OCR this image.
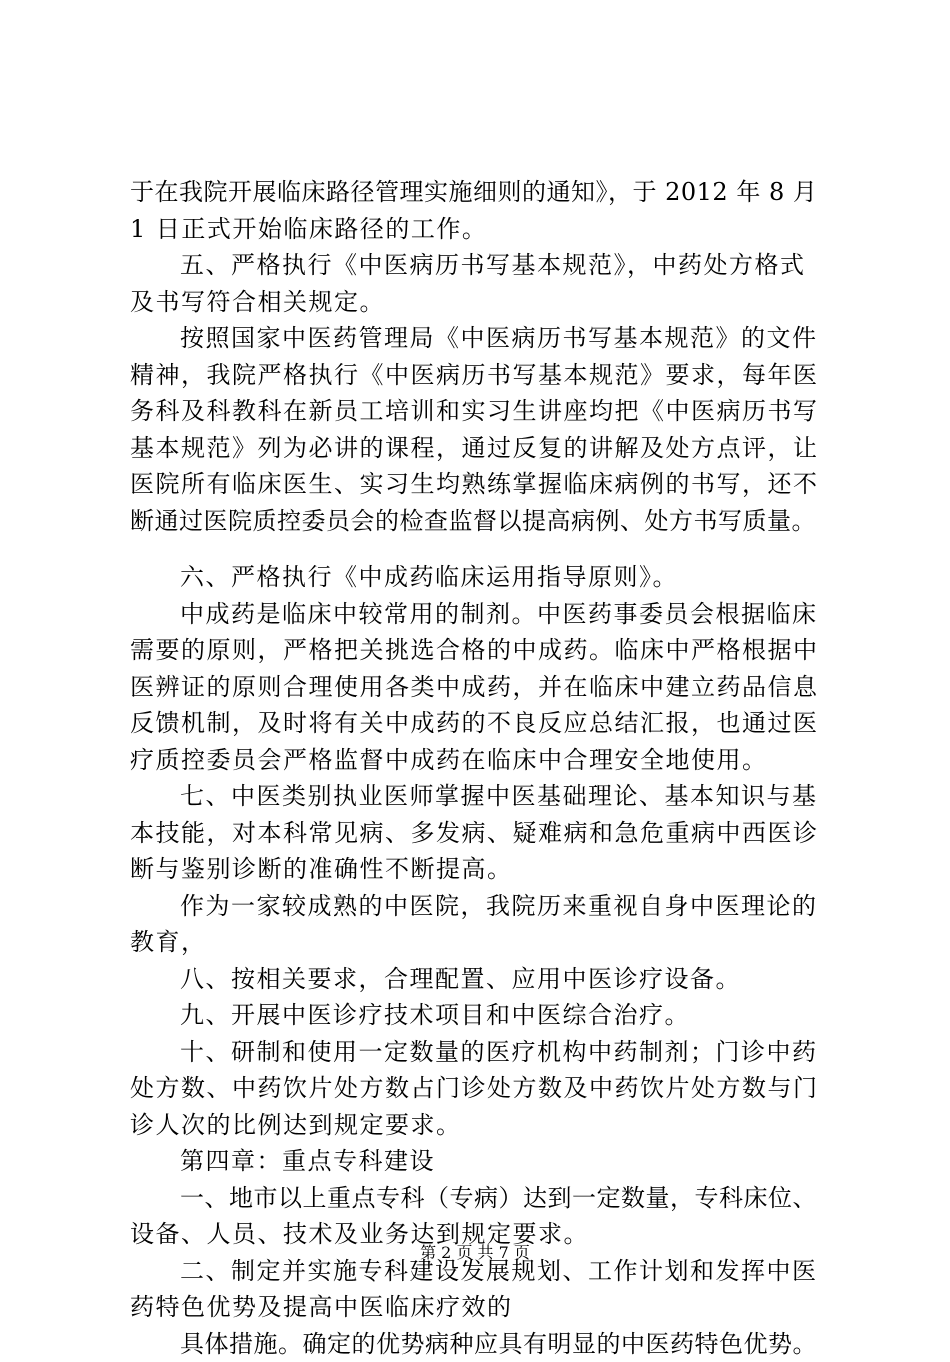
于在我院开展临床路径管理实施细则的通知》，于 2012 年 8 月
1 日正式开始临床路径的工作。
五、严格执行《中医病历书写基本规范》，中药处方格式
及书写符合相关规定。
按照国家中医药管理局《中医病历书写基本规范》的文件
精神，我院严格执行《中医病历书写基本规范》要求，每年医
务科及科教科在新员工培训和实习生讲座均把《中医病历书写
基本规范》列为必讲的课程，通过反复的讲解及处方点评，让
医院所有临床医生、实习生均熟练掌握临床病例的书写，还不
断通过医院质控委员会的检查监督以提高病例、处方书写质量。
六、严格执行《中成药临床运用指导原则》。
中成药是临床中较常用的制剂。中医药事委员会根据临床
需要的原则，严格把关挑选合格的中成药。临床中严格根据中
医辨证的原则合理使用各类中成药，并在临床中建立药品信息
反馈机制，及时将有关中成药的不良反应总结汇报，也通过医
疗质控委员会严格监督中成药在临床中合理安全地使用。
七、中医类别执业医师掌握中医基础理论、基本知识与基
本技能，对本科常见病、多发病、疑难病和急危重病中西医诊
断与鉴别诊断的准确性不断提高。
作为一家较成熟的中医院，我院历来重视自身中医理论的
教育，
八、按相关要求，合理配置、应用中医诊疗设备。
九、开展中医诊疗技术项目和中医综合治疗。
十、研制和使用一定数量的医疗机构中药制剂；门诊中药
处方数、中药饮片处方数占门诊处方数及中药饮片处方数与门
诊人次的比例达到规定要求。
第四章：重点专科建设
一、地市以上重点专科（专病）达到一定数量，专科床位、
设备、人员、技术及业务达到规定要求。
二、制定并实施专科建设发展规划、工作计划和发挥中医
药特色优势及提高中医临床疗效的
具体措施。确定的优势病种应具有明显的中医药特色优势。
第 2 页 共 7 页
